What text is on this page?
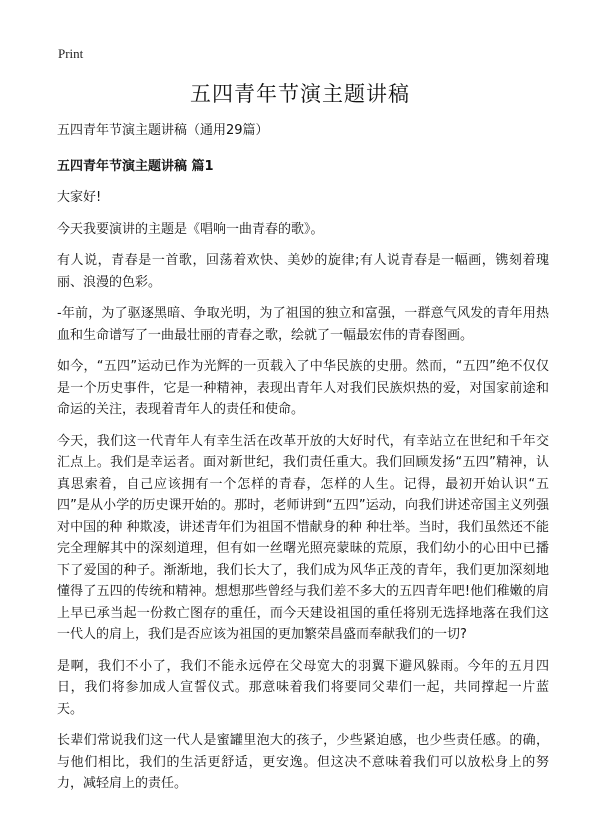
Print
五四青年节演主题讲稿

五四青年节演主题讲稿（通用29篇）

五四青年节演主题讲稿 篇1

大家好!

今天我要演讲的主题是《唱响一曲青春的歌》。

有人说，青春是一首歌，回荡着欢快、美妙的旋律;有人说青春是一幅画，镌刻着瑰丽、浪漫的色彩。

-年前，为了驱逐黑暗、争取光明，为了祖国的独立和富强，一群意气风发的青年用热血和生命谱写了一曲最壮丽的青春之歌，绘就了一幅最宏伟的青春图画。

如今，“五四”运动已作为光辉的一页载入了中华民族的史册。然而，“五四”绝不仅仅是一个历史事件，它是一种精神，表现出青年人对我们民族炽热的爱，对国家前途和命运的关注，表现着青年人的责任和使命。

今天，我们这一代青年人有幸生活在改革开放的大好时代，有幸站立在世纪和千年交汇点上。我们是幸运者。面对新世纪，我们责任重大。我们回顾发扬“五四”精神，认真思索着，自己应该拥有一个怎样的青春，怎样的人生。记得，最初开始认识“五四”是从小学的历史课开始的。那时，老师讲到“五四”运动，向我们讲述帝国主义列强对中国的种 种欺凌，讲述青年们为祖国不惜献身的种 种壮举。当时，我们虽然还不能完全理解其中的深刻道理，但有如一丝曙光照亮蒙昧的荒原，我们幼小的心田中已播下了爱国的种子。渐渐地，我们长大了，我们成为风华正茂的青年，我们更加深刻地懂得了五四的传统和精神。想想那些曾经与我们差不多大的五四青年吧!他们稚嫩的肩上早已承当起一份救亡图存的重任，而今天建设祖国的重任将别无选择地落在我们这一代人的肩上，我们是否应该为祖国的更加繁荣昌盛而奉献我们的一切?

是啊，我们不小了，我们不能永远停在父母宽大的羽翼下避风躲雨。今年的五月四日，我们将参加成人宣誓仪式。那意味着我们将要同父辈们一起，共同撑起一片蓝天。

长辈们常说我们这一代人是蜜罐里泡大的孩子，少些紧迫感，也少些责任感。的确，与他们相比，我们的生活更舒适，更安逸。但这决不意味着我们可以放松身上的努力，减轻肩上的责任。
